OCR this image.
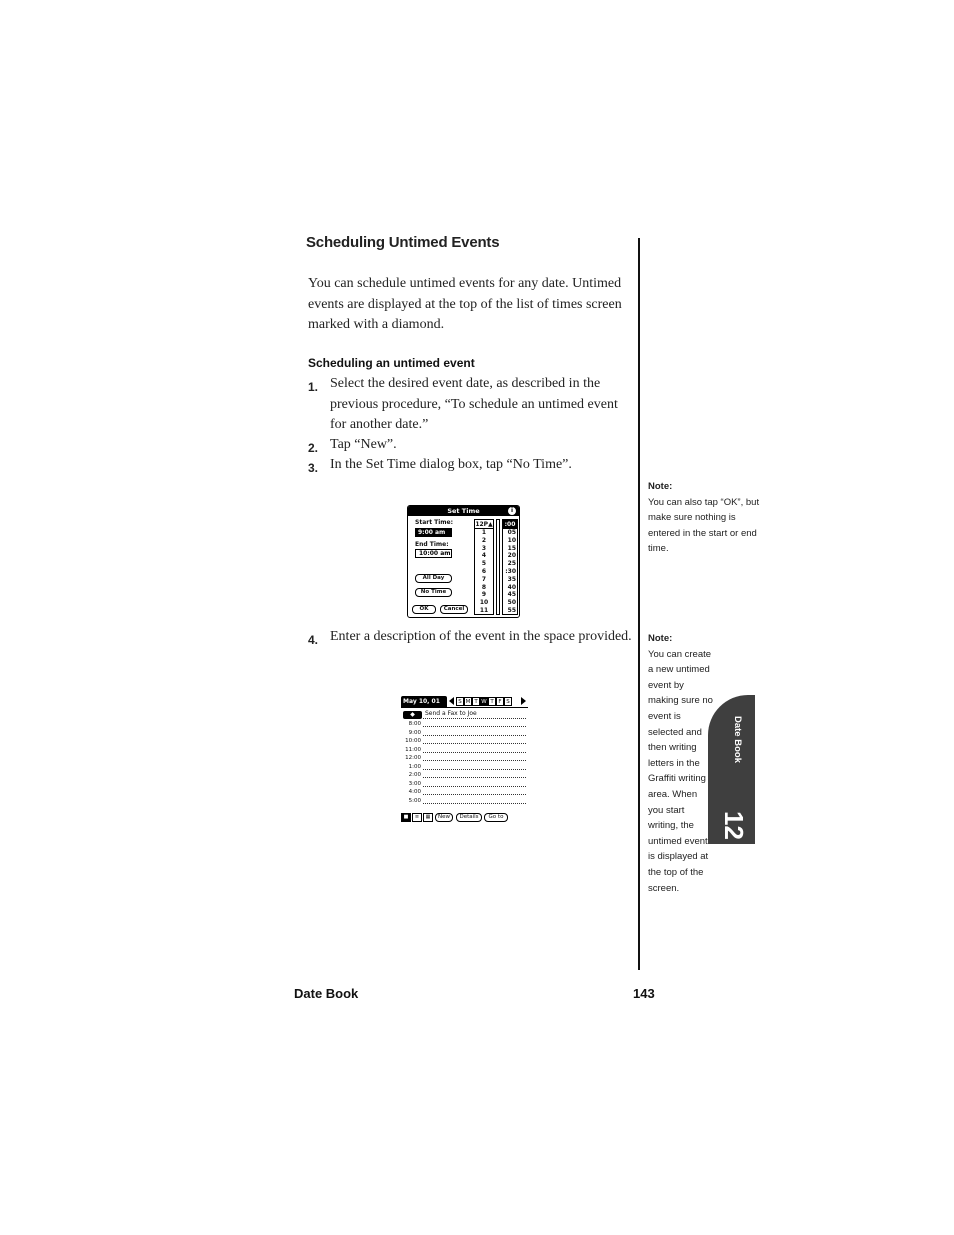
Scheduling Untimed Events
You can schedule untimed events for any date. Untimed events are displayed at the top of the list of times screen marked with a diamond.
Scheduling an untimed event
1. Select the desired event date, as described in the previous procedure, “To schedule an untimed event for another date.”
2. Tap “New”.
3. In the Set Time dialog box, tap “No Time”.
Set Time	i
Start Time:
9:00 am
End Time:
10:00 am
All Day
No Time
OK	Cancel
12P▲
1
2
3
4
5
6
7
8
9
10
11
:00
05
10
15
20
25
:30
35
40
45
50
55
4. Enter a description of the event in the space provided.
May 10, 01	S M T W T F S
◆	Send a Fax to Joe
8:00
9:00
10:00
11:00
12:00
1:00
2:00
3:00
4:00
5:00
■	≡	▦	New	Details	Go to
Note:
You can also tap “OK”, but
make sure nothing is
entered in the start or end
time.
Note:
You can create
a new untimed
event by
making sure no
event is
selected and
then writing
letters in the
Graffiti writing
area. When
you start
writing, the
untimed event
is displayed at
the top of the
screen.
Date Book
12
Date Book	143
